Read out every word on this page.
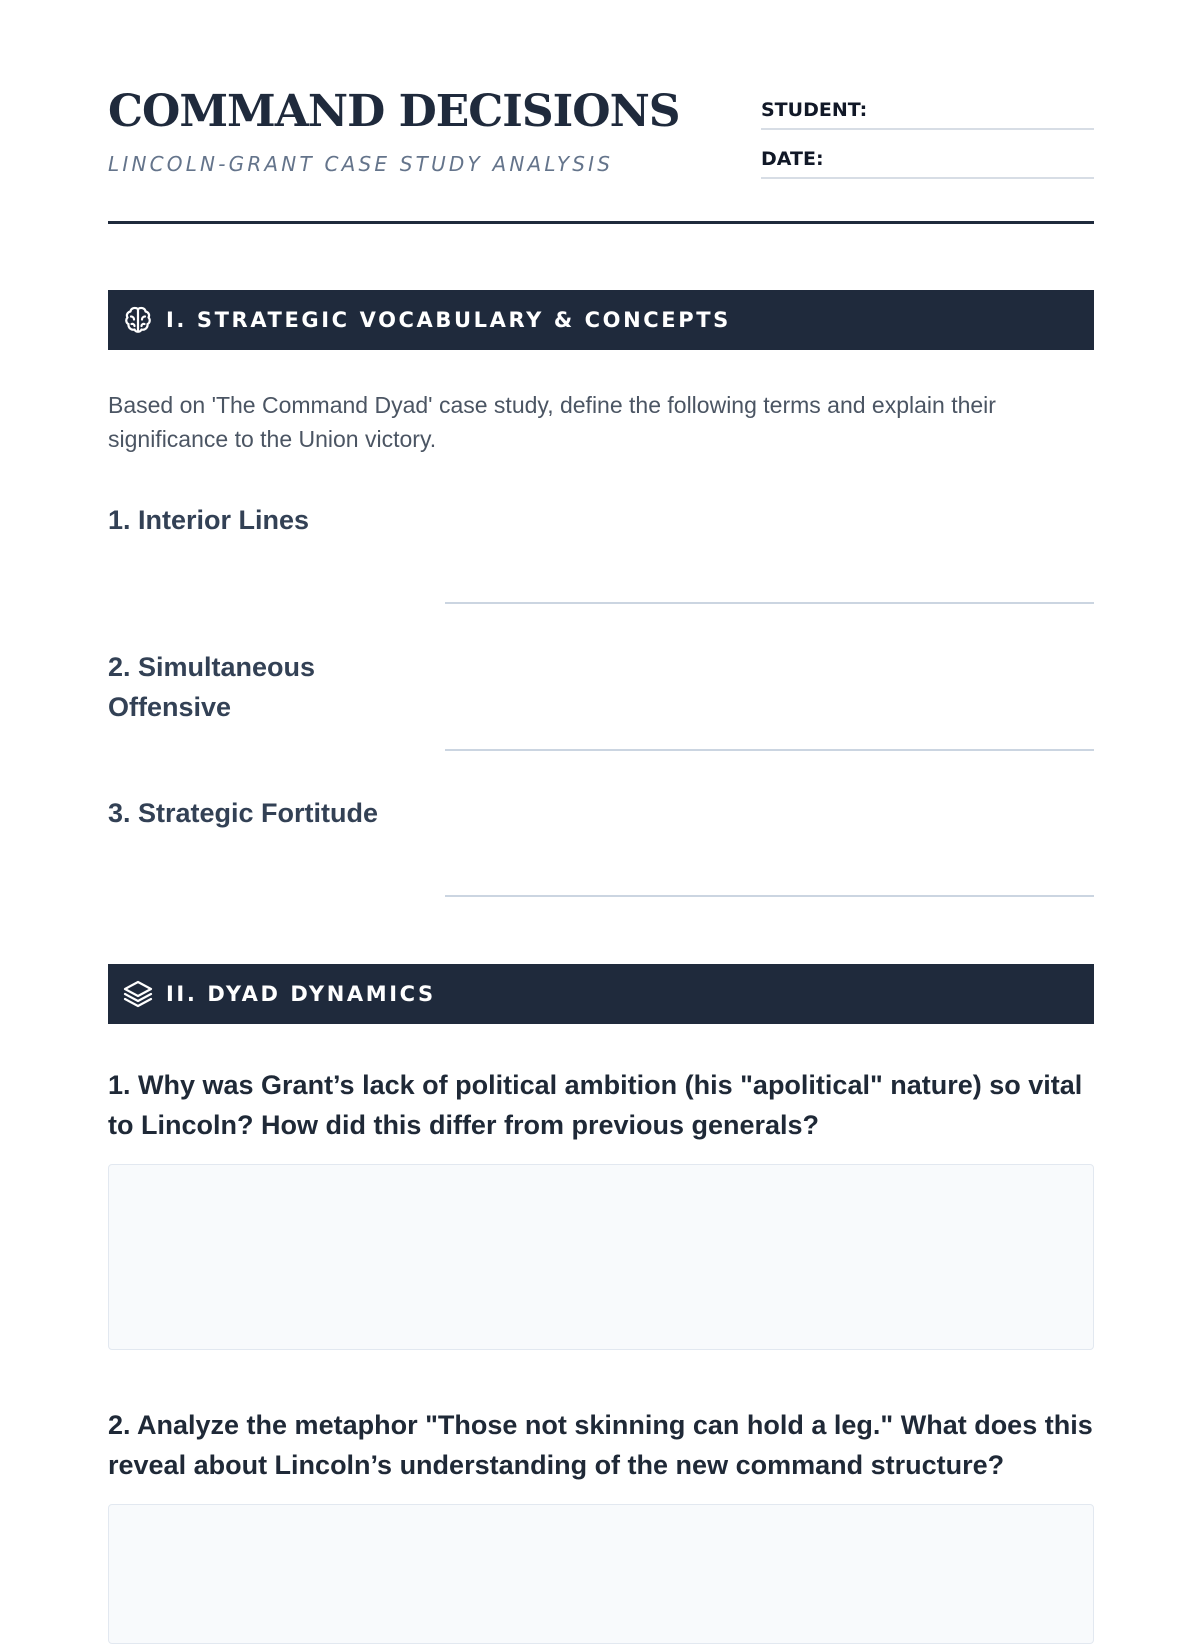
COMMAND DECISIONS
LINCOLN-GRANT CASE STUDY ANALYSIS
STUDENT:
DATE:
I. STRATEGIC VOCABULARY & CONCEPTS

Based on 'The Command Dyad' case study, define the following terms and explain their significance to the Union victory.

1. Interior Lines

2. Simultaneous Offensive

3. Strategic Fortitude

II. DYAD DYNAMICS

1. Why was Grant’s lack of political ambition (his "apolitical" nature) so vital to Lincoln? How did this differ from previous generals?

2. Analyze the metaphor "Those not skinning can hold a leg." What does this reveal about Lincoln’s understanding of the new command structure?
